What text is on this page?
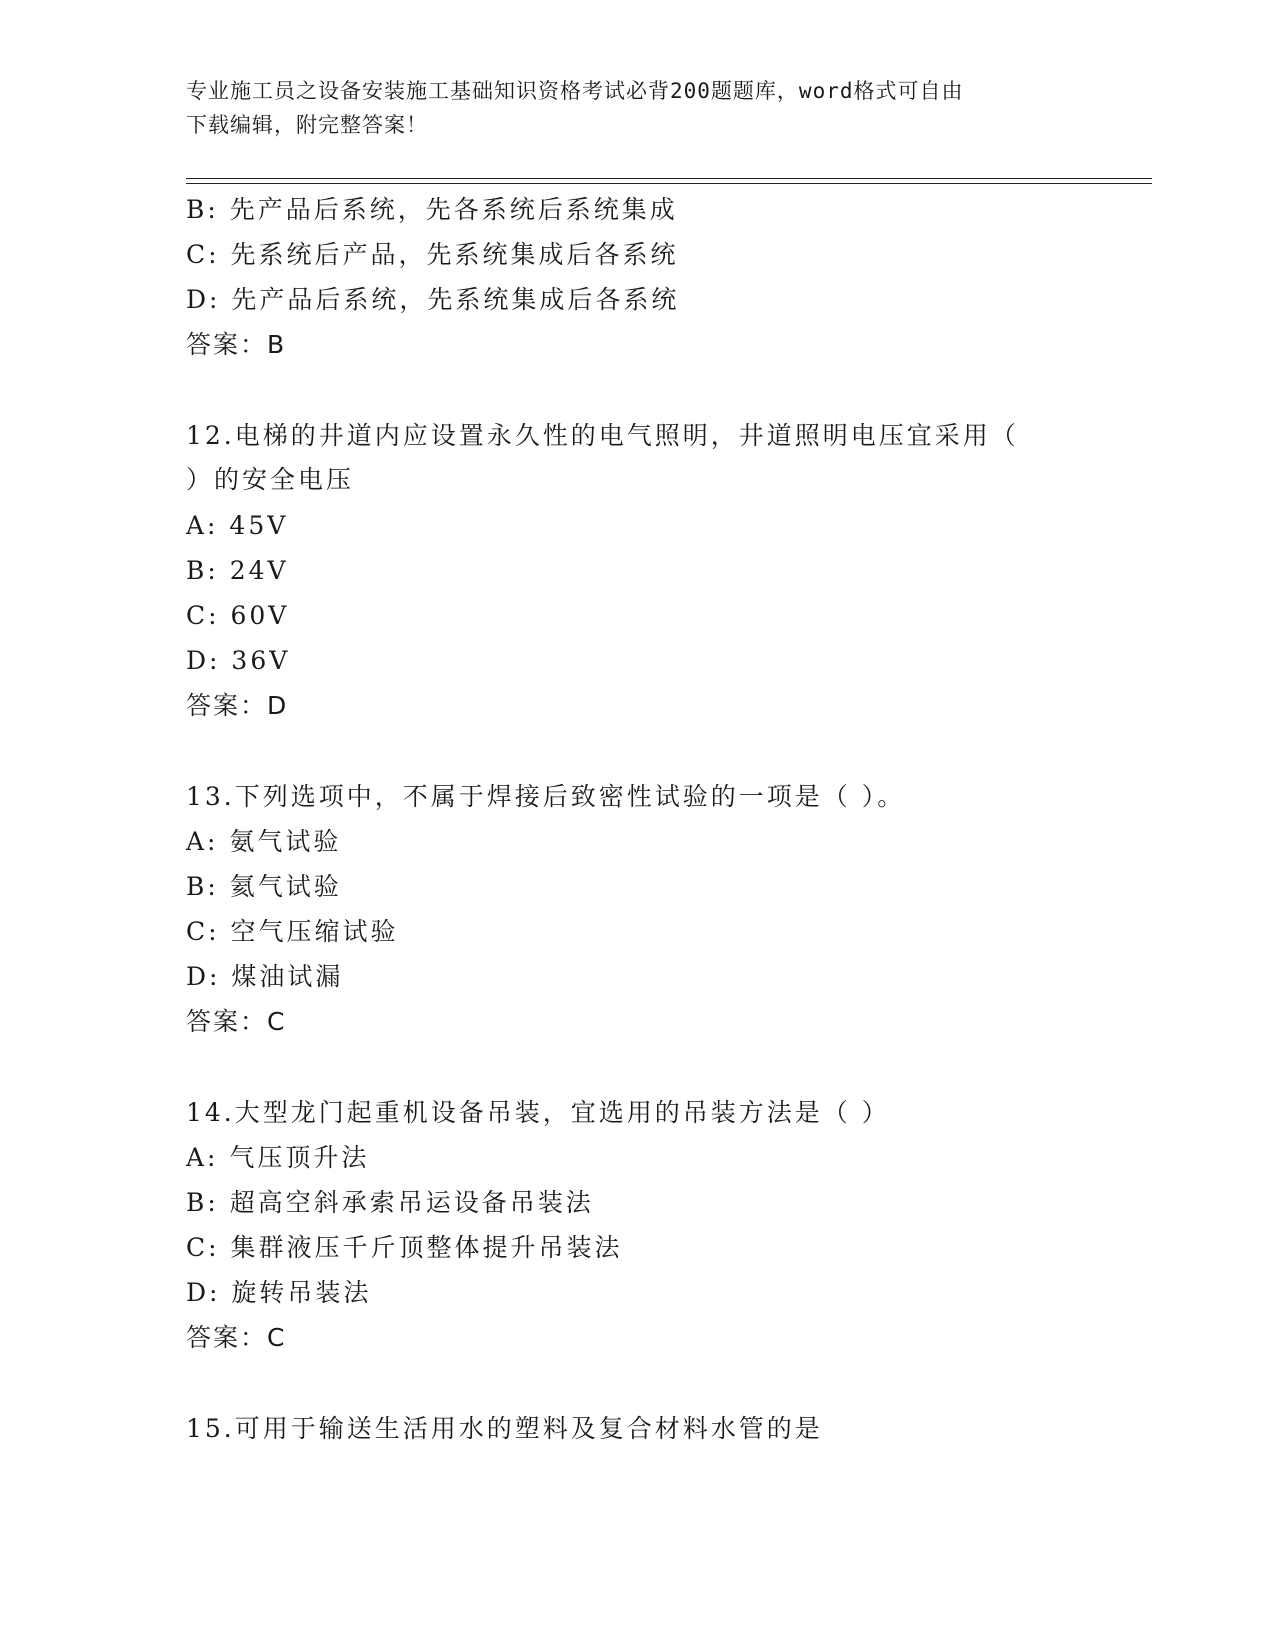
专业施工员之设备安装施工基础知识资格考试必背200题题库，word格式可自由
下载编辑，附完整答案！
B: 先产品后系统，先各系统后系统集成
C: 先系统后产品，先系统集成后各系统
D: 先产品后系统，先系统集成后各系统
答案：B
12.电梯的井道内应设置永久性的电气照明，井道照明电压宜采用（
）的安全电压
A: 45V
B: 24V
C: 60V
D: 36V
答案：D
13.下列选项中，不属于焊接后致密性试验的一项是（ ）。
A: 氨气试验
B: 氦气试验
C: 空气压缩试验
D: 煤油试漏
答案：C
14.大型龙门起重机设备吊装，宜选用的吊装方法是（ ）
A: 气压顶升法
B: 超高空斜承索吊运设备吊装法
C: 集群液压千斤顶整体提升吊装法
D: 旋转吊装法
答案：C
15.可用于输送生活用水的塑料及复合材料水管的是
